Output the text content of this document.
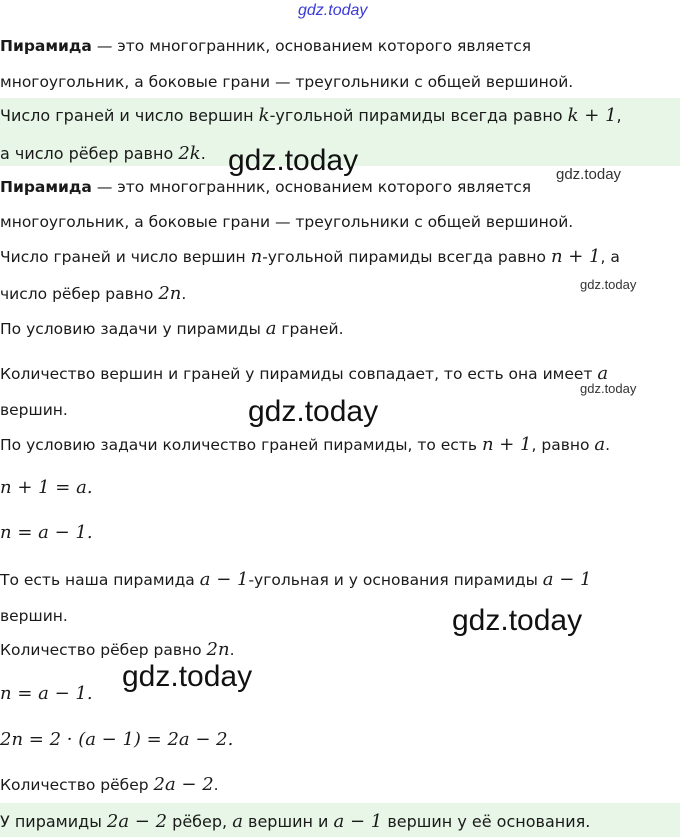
gdz.today
Пирамида — это многогранник, основанием которого является
многоугольник, а боковые грани — треугольники с общей вершиной.
Число граней и число вершин k-угольной пирамиды всегда равно k + 1,
а число рёбер равно 2k. gdz.today	gdz.today
Пирамида — это многогранник, основанием которого является
многоугольник, а боковые грани — треугольники с общей вершиной.
Число граней и число вершин n-угольной пирамиды всегда равно n + 1, а
число рёбер равно 2n.
gdz.today
По условию задачи у пирамиды a граней.
Количество вершин и граней у пирамиды совпадает, то есть она имеет a
gdz.today
вершин.	gdz.today
По условию задачи количество граней пирамиды, то есть n + 1, равно a.
n + 1 = a.
n = a − 1.
То есть наша пирамида a − 1-угольная и у основания пирамиды a − 1
вершин.	gdz.today
Количество рёбер равно 2n.
gdz.today
n = a − 1.
2n = 2 · (a − 1) = 2a − 2.
Количество рёбер 2a − 2.
У пирамиды 2a − 2 рёбер, a вершин и a − 1 вершин у её основания.
